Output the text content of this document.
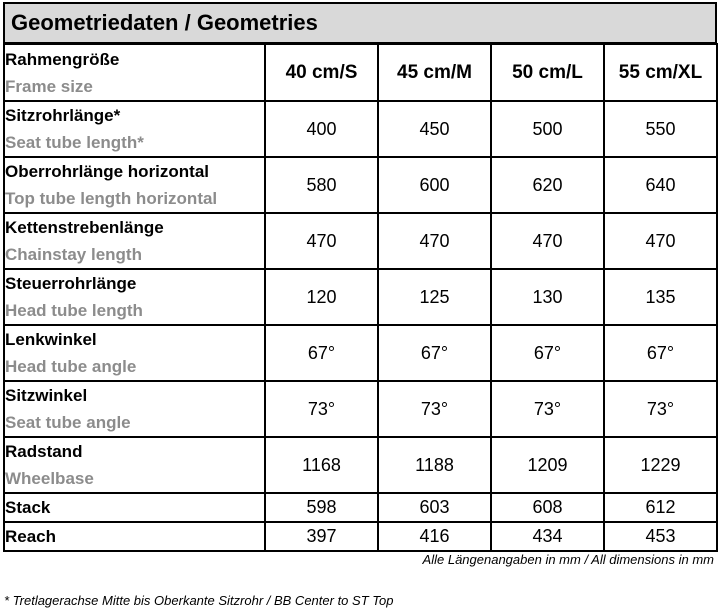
Geometriedaten / Geometries
Rahmengröße
Frame size	40 cm/S	45 cm/M	50 cm/L	55 cm/XL

Sitzrohrlänge*
Seat tube length*	400	450	500	550

Oberrohrlänge horizontal
Top tube length horizontal	580	600	620	640

Kettenstrebenlänge
Chainstay length	470	470	470	470

Steuerrohrlänge
Head tube length	120	125	130	135

Lenkwinkel
Head tube angle	67°	67°	67°	67°

Sitzwinkel
Seat tube angle	73°	73°	73°	73°

Radstand
Wheelbase	1168	1188	1209	1229

Stack	598	603	608	612

Reach	397	416	434	453
Alle Längenangaben in mm / All dimensions in mm
* Tretlagerachse Mitte bis Oberkante Sitzrohr / BB Center to ST Top
